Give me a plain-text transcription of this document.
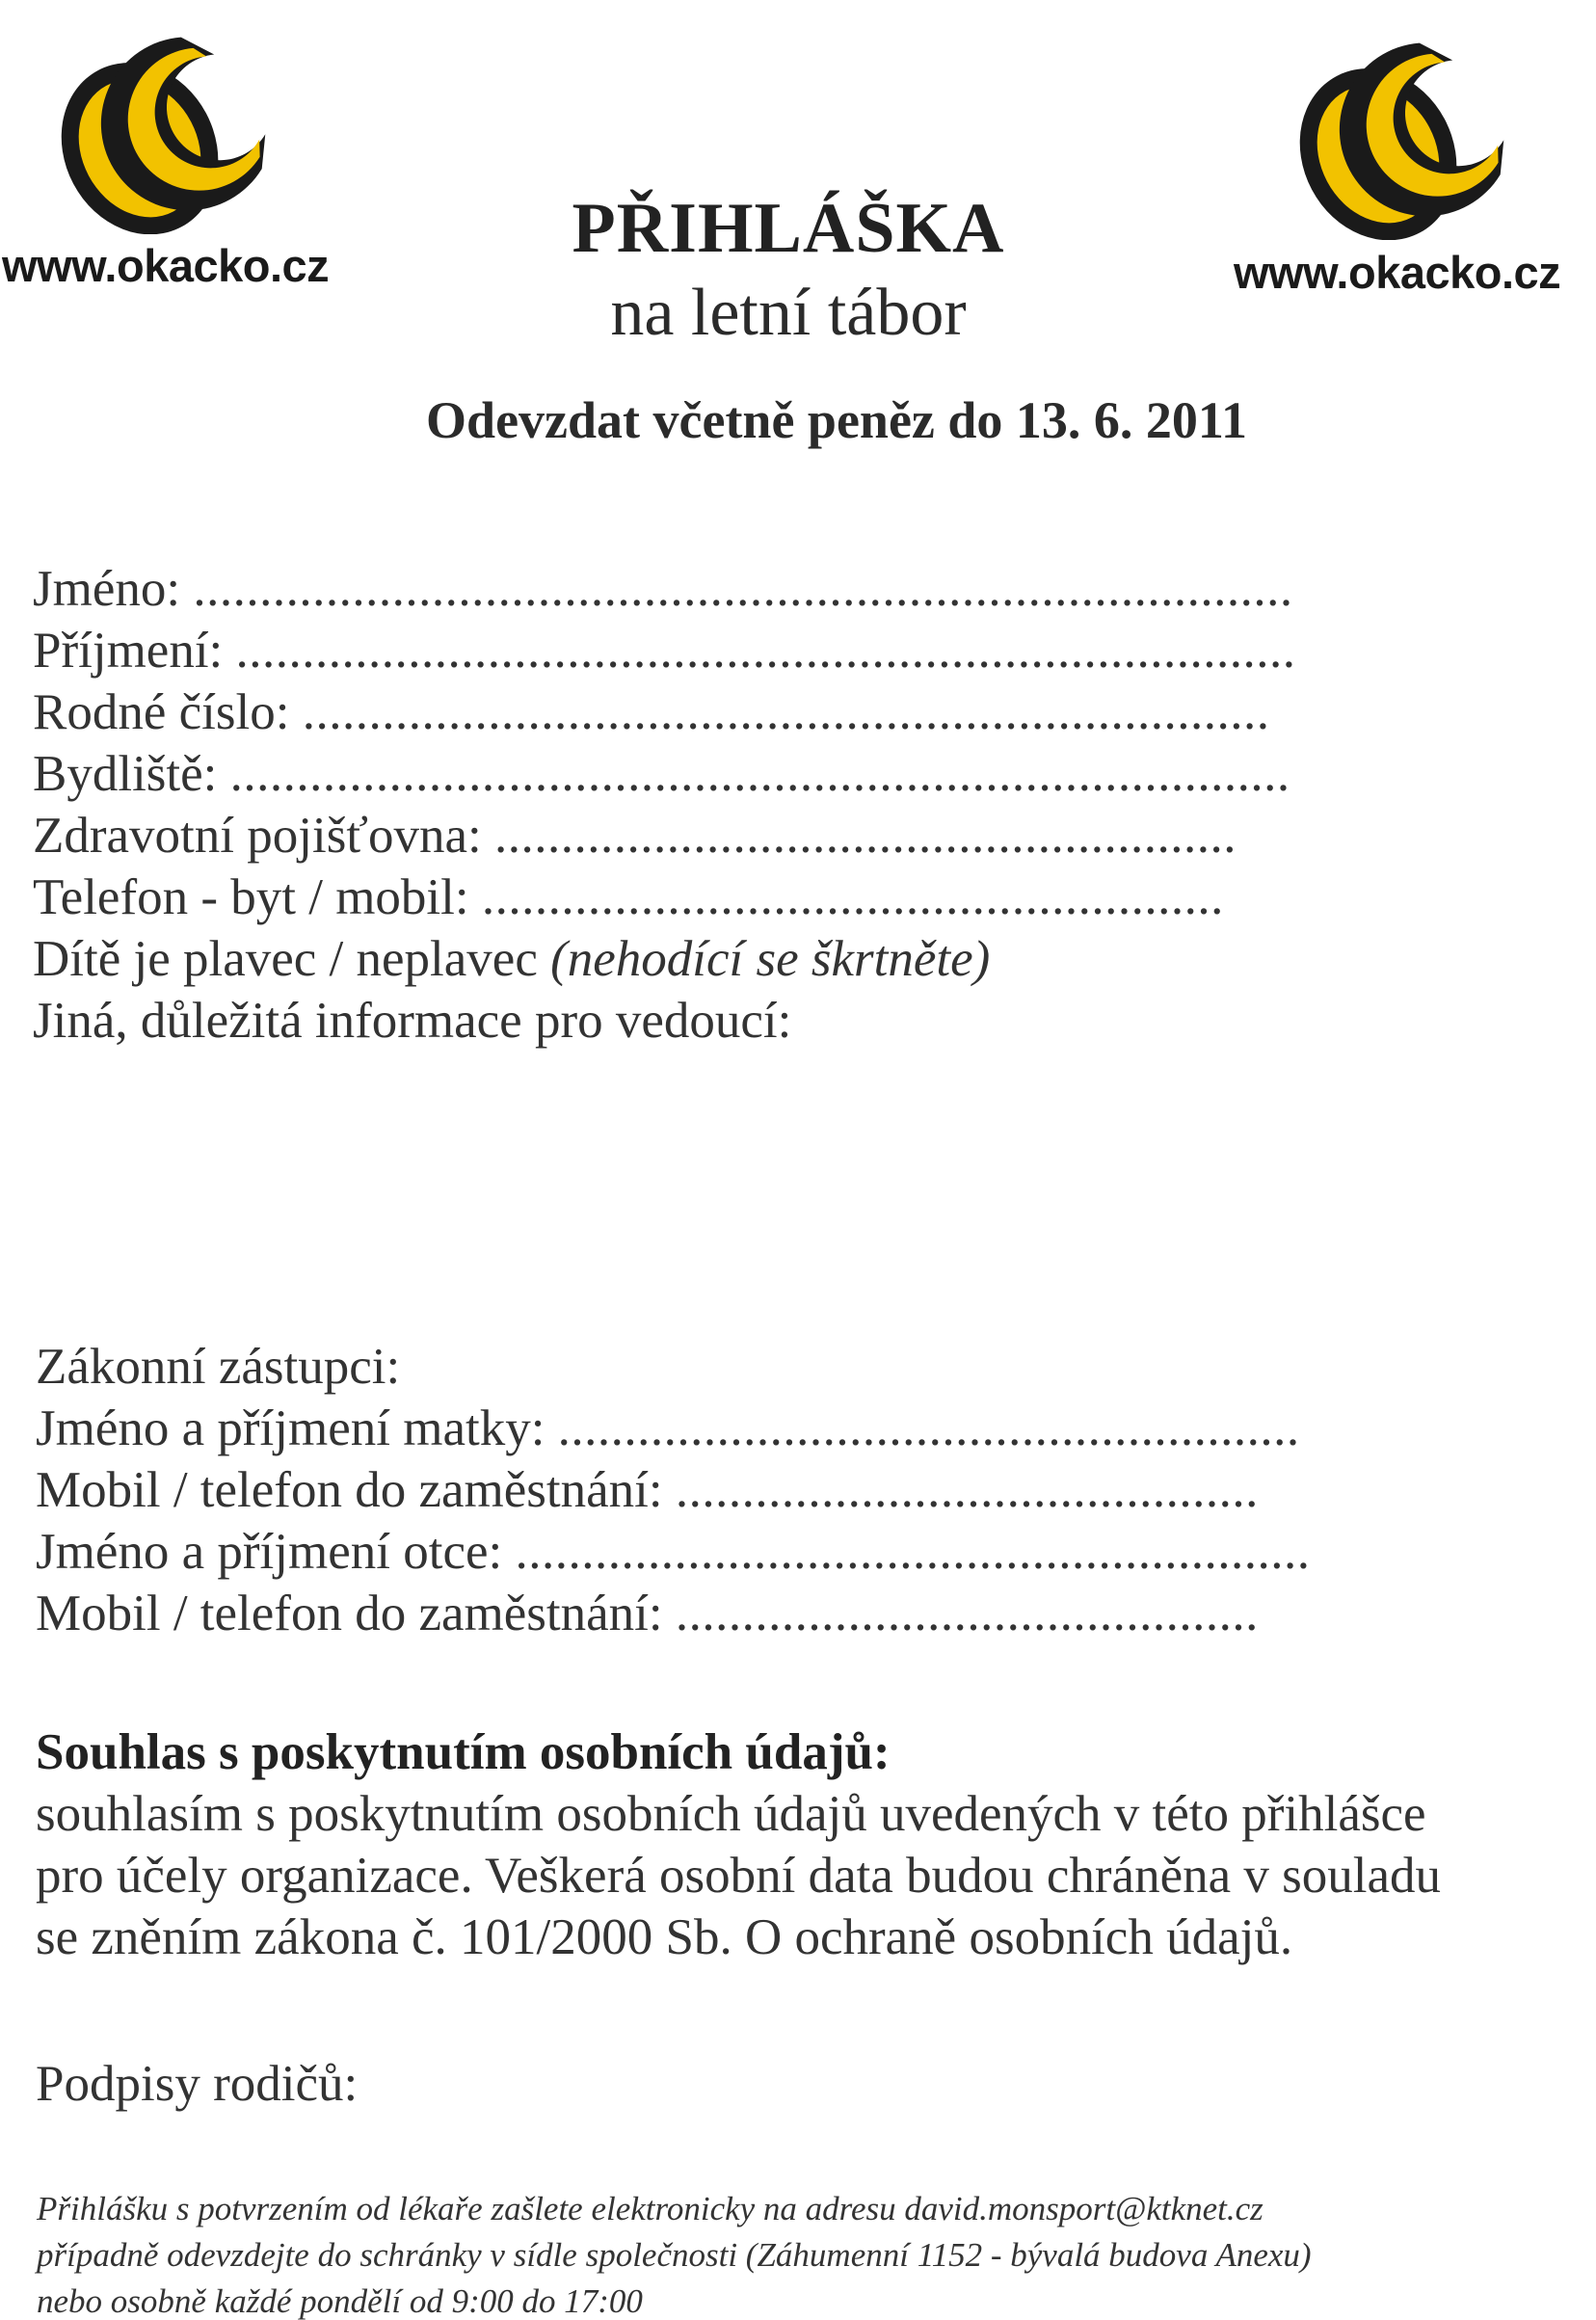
www.okacko.cz	www.okacko.cz
PŘIHLÁŠKA
na letní tábor
Odevzdat včetně peněz do 13. 6. 2011
Jméno: ...................................................................................
Příjmení: ................................................................................
Rodné číslo: .........................................................................
Bydliště: ................................................................................
Zdravotní pojišťovna: ........................................................
Telefon - byt / mobil: ........................................................
Dítě je plavec / neplavec (nehodící se škrtněte)
Jiná, důležitá informace pro vedoucí:
Zákonní zástupci:
Jméno a příjmení matky: ........................................................
Mobil / telefon do zaměstnání: ............................................
Jméno a příjmení otce: ............................................................
Mobil / telefon do zaměstnání: ............................................
Souhlas s poskytnutím osobních údajů:
souhlasím s poskytnutím osobních údajů uvedených v této přihlášce
pro účely organizace. Veškerá osobní data budou chráněna v souladu
se zněním zákona č. 101/2000 Sb. O ochraně osobních údajů.
Podpisy rodičů:
Přihlášku s potvrzením od lékaře zašlete elektronicky na adresu david.monsport@ktknet.cz
případně odevzdejte do schránky v sídle společnosti (Záhumenní 1152 - bývalá budova Anexu)
nebo osobně každé pondělí od 9:00 do 17:00
